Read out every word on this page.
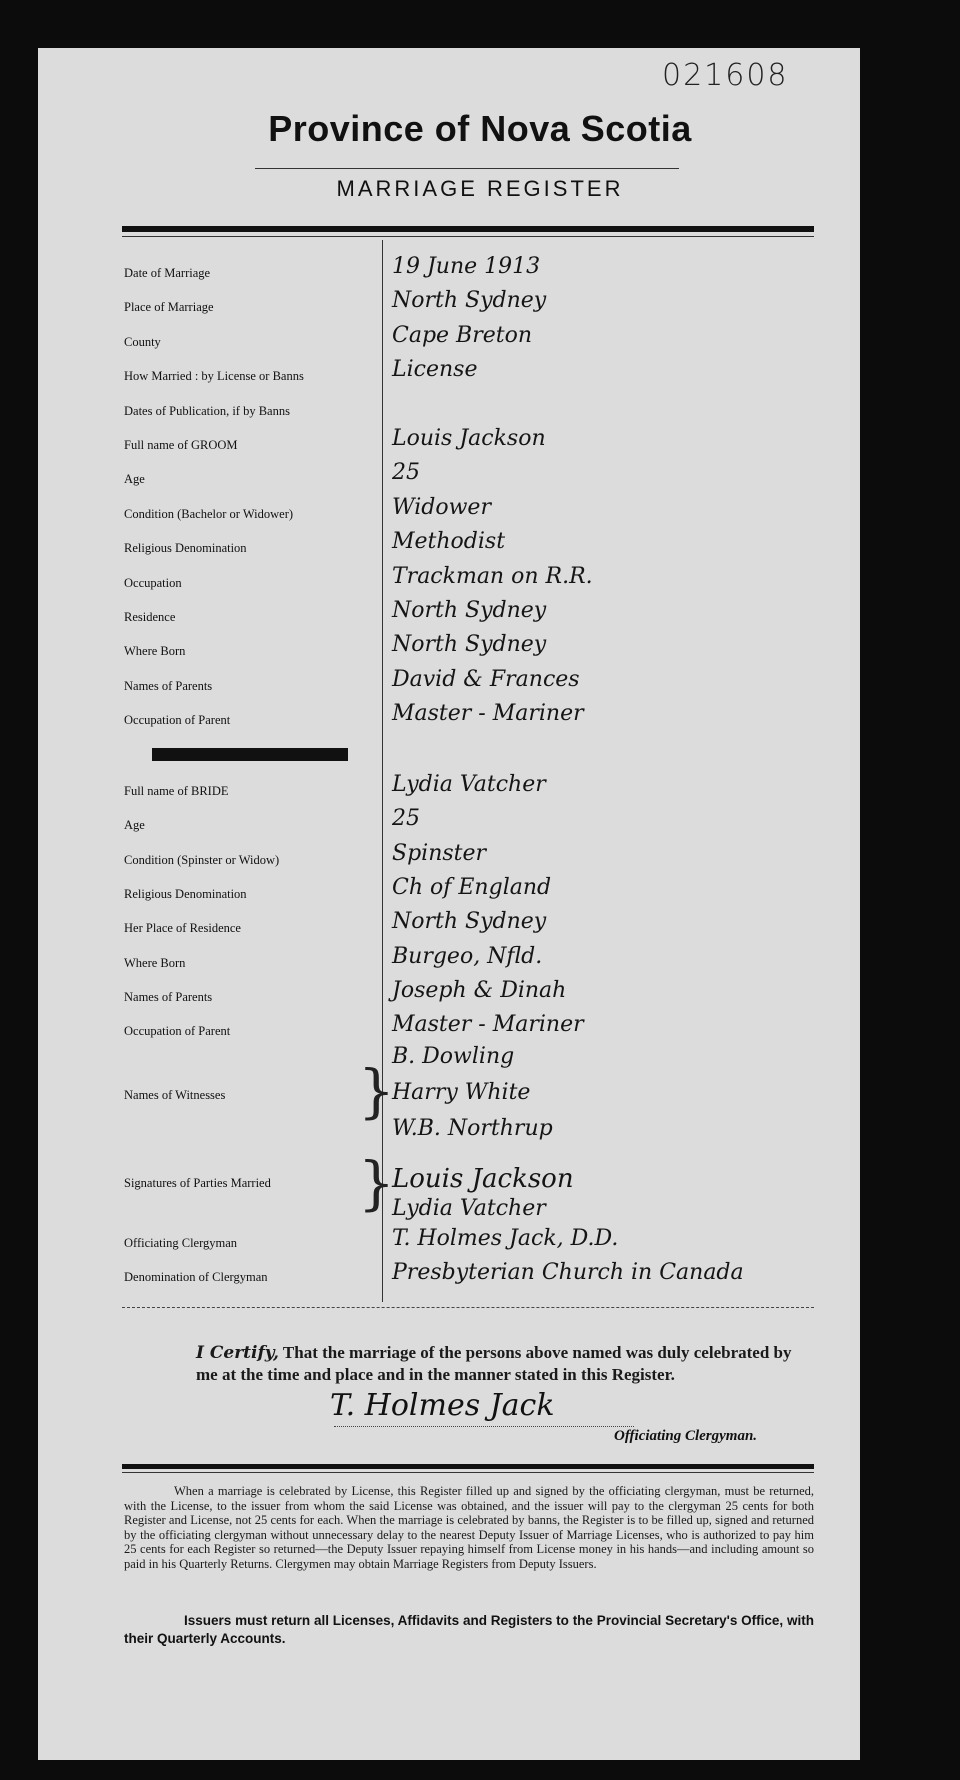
021608
Province of Nova Scotia
MARRIAGE REGISTER
Date of Marriage	19 June 1913
Place of Marriage	North Sydney
County	Cape Breton
How Married : by License or Banns	License
Dates of Publication, if by Banns
Full name of GROOM	Louis Jackson
Age	25
Condition (Bachelor or Widower)	Widower
Religious Denomination	Methodist
Occupation	Trackman on R.R.
Residence	North Sydney
Where Born	North Sydney
Names of Parents	David & Frances
Occupation of Parent	Master - Mariner
Full name of BRIDE	Lydia Vatcher
Age	25
Condition (Spinster or Widow)	Spinster
Religious Denomination	Ch of England
Her Place of Residence	North Sydney
Where Born	Burgeo, Nfld.
Names of Parents	Joseph & Dinah
Occupation of Parent	Master - Mariner
Names of Witnesses	}
B. Dowling
Harry White
W.B. Northrup
Signatures of Parties Married	}
Louis Jackson
Lydia Vatcher
Officiating Clergyman	T. Holmes Jack, D.D.
Denomination of Clergyman	Presbyterian Church in Canada
I Certify, That the marriage of the persons above named was duly celebrated by me at the time and place and in the manner stated in this Register.
T. Holmes Jack
Officiating Clergyman.
When a marriage is celebrated by License, this Register filled up and signed by the officiating clergyman, must be returned, with the License, to the issuer from whom the said License was obtained, and the issuer will pay to the clergyman 25 cents for both Register and License, not 25 cents for each. When the marriage is celebrated by banns, the Register is to be filled up, signed and returned by the officiating clergyman without unnecessary delay to the nearest Deputy Issuer of Marriage Licenses, who is authorized to pay him 25 cents for each Register so returned—the Deputy Issuer repaying himself from License money in his hands—and including amount so paid in his Quarterly Returns. Clergymen may obtain Marriage Registers from Deputy Issuers.
Issuers must return all Licenses, Affidavits and Registers to the Provincial Secretary's Office, with their Quarterly Accounts.
